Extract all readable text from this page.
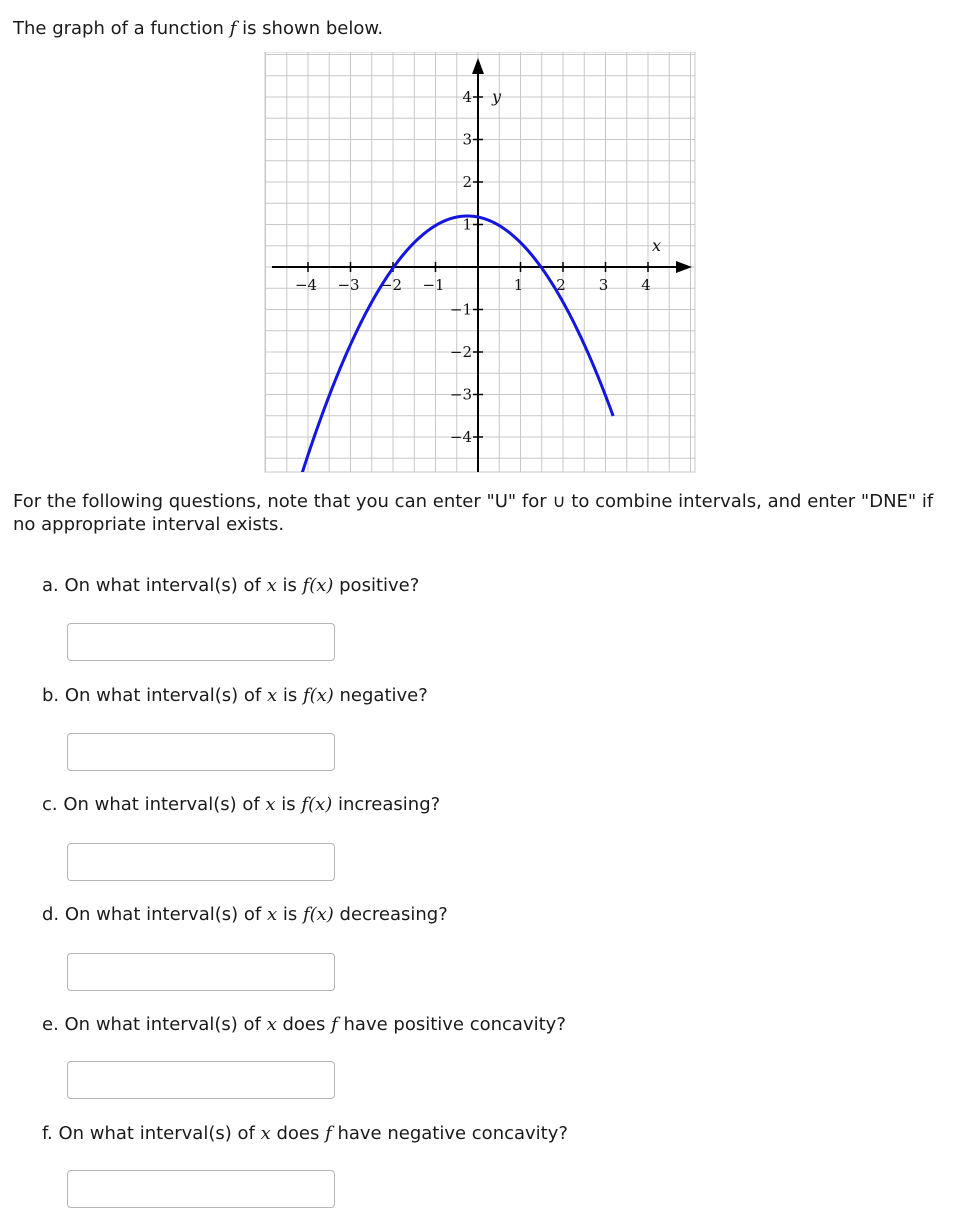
The graph of a function f is shown below.
−4 −3 −2 −1	1 2 3 4
4
3
2
1
−1
−2
−3
−4
x
y
For the following questions, note that you can enter "U" for ∪ to combine intervals, and enter "DNE" if no appropriate interval exists.
a. On what interval(s) of x is f(x) positive?
b. On what interval(s) of x is f(x) negative?
c. On what interval(s) of x is f(x) increasing?
d. On what interval(s) of x is f(x) decreasing?
e. On what interval(s) of x does f have positive concavity?
f. On what interval(s) of x does f have negative concavity?
